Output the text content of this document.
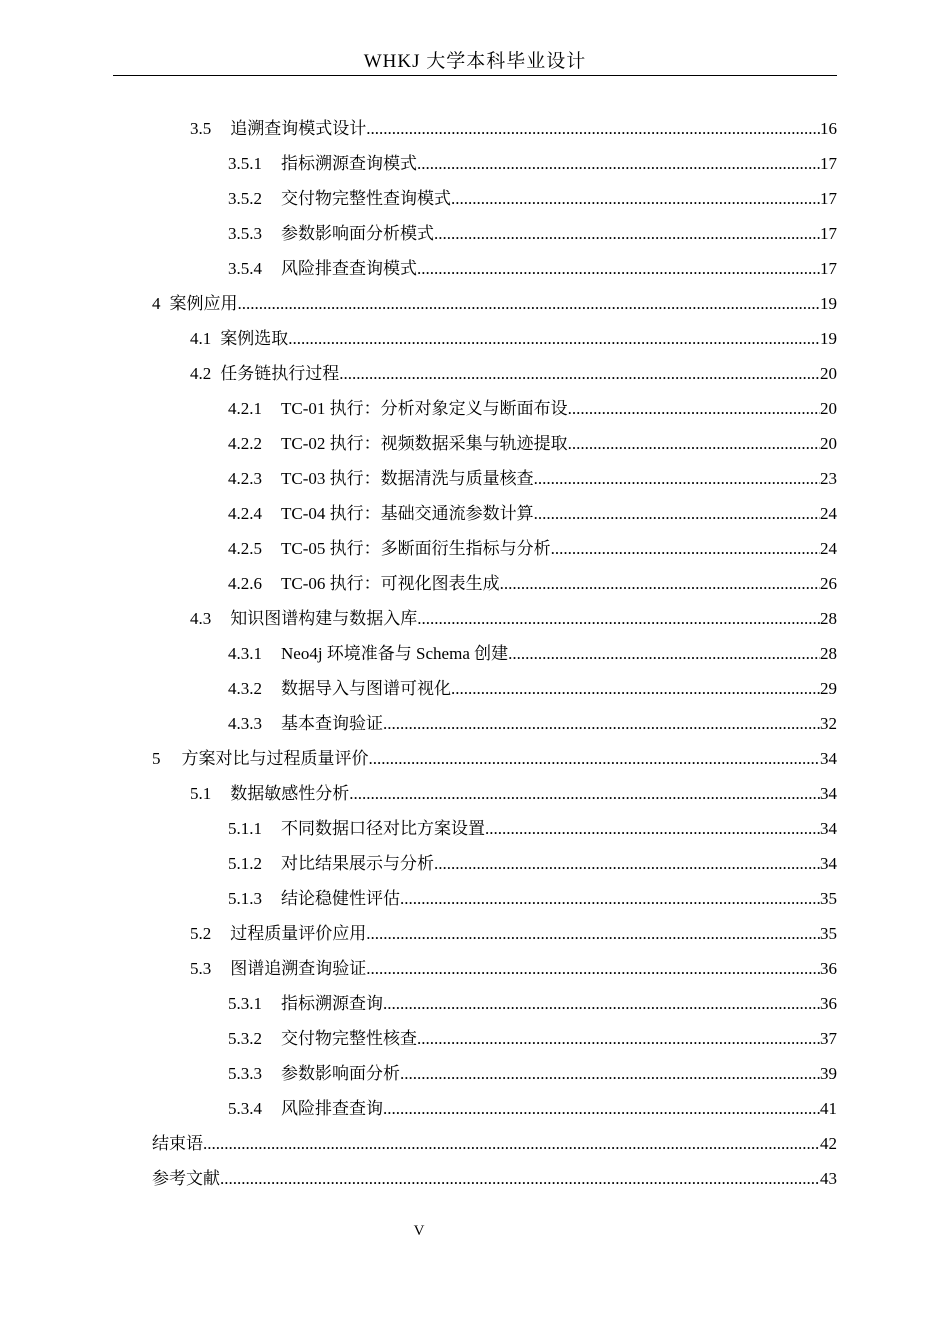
WHKJ 大学本科毕业设计
3.5 追溯查询模式设计 .....	16
3.5.1 指标溯源查询模式 .....	17
3.5.2 交付物完整性查询模式 .....	17
3.5.3 参数影响面分析模式 .....	17
3.5.4 风险排查查询模式 .....	17
4 案例应用 .....	19
4.1 案例选取 .....	19
4.2 任务链执行过程 .....	20
4.2.1 TC-01 执行：分析对象定义与断面布设 .....	20
4.2.2 TC-02 执行：视频数据采集与轨迹提取 .....	20
4.2.3 TC-03 执行：数据清洗与质量核查 .....	23
4.2.4 TC-04 执行：基础交通流参数计算 .....	24
4.2.5 TC-05 执行：多断面衍生指标与分析 .....	24
4.2.6 TC-06 执行：可视化图表生成 .....	26
4.3 知识图谱构建与数据入库 .....	28
4.3.1 Neo4j 环境准备与 Schema 创建 .....	28
4.3.2 数据导入与图谱可视化 .....	29
4.3.3 基本查询验证 .....	32
5 方案对比与过程质量评价 .....	34
5.1 数据敏感性分析 .....	34
5.1.1 不同数据口径对比方案设置 .....	34
5.1.2 对比结果展示与分析 .....	34
5.1.3 结论稳健性评估 .....	35
5.2 过程质量评价应用 .....	35
5.3 图谱追溯查询验证 .....	36
5.3.1 指标溯源查询 .....	36
5.3.2 交付物完整性核查 .....	37
5.3.3 参数影响面分析 .....	39
5.3.4 风险排查查询 .....	41
结束语 .....	42
参考文献 .....	43
V
